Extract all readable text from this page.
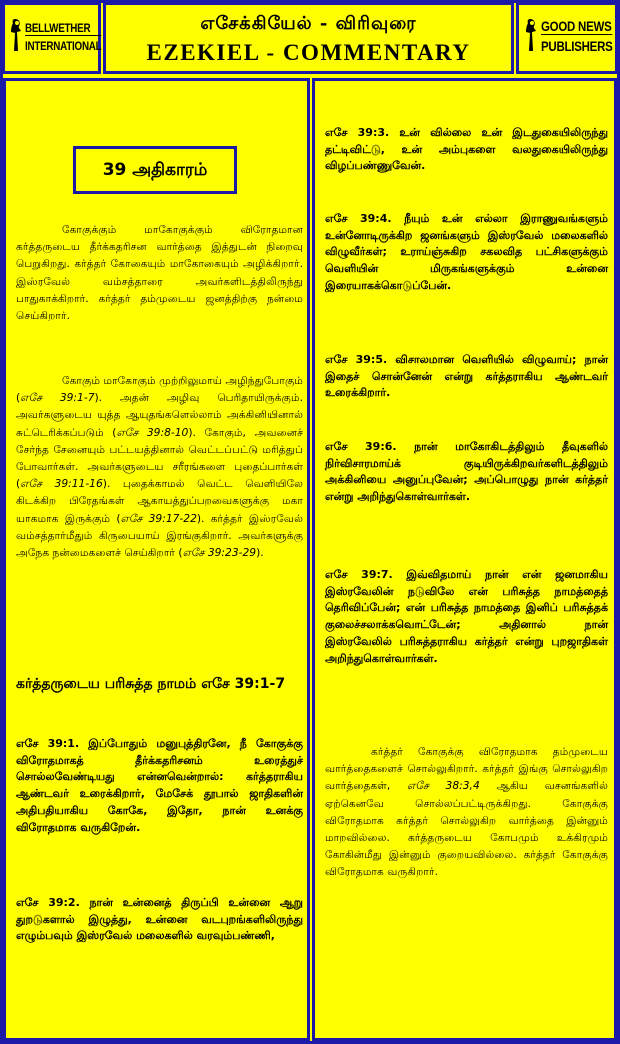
BELLWETHER
INTERNATIONAL
எசேக்கியேல் - விரிவுரை
EZEKIEL - COMMENTARY
GOOD NEWS
PUBLISHERS
39 அதிகாரம்
கோகுக்கும் மாகோகுக்கும் விரோதமான கர்த்தருடைய தீர்க்கதரிசன வார்த்தை இத்துடன் நிறைவு பெறுகிறது. கர்த்தர் கோகையும் மாகோகையும் அழிக்கிறார். இஸ்ரவேல் வம்சத்தாரை அவர்களிடத்திலிருந்து பாதுகாக்கிறார். கர்த்தர் தம்முடைய ஜனத்திற்கு நன்மை செய்கிறார்.
கோகும் மாகோகும் முற்றிலுமாய் அழிந்துபோகும் (எசே 39:1-7). அதன் அழிவு பெரிதாயிருக்கும். அவர்களுடைய யுத்த ஆயுதங்களெல்லாம் அக்கினியினால் சுட்டெரிக்கப்படும் (எசே 39:8-10). கோகும், அவனைச் சேர்ந்த சேனையும் பட்டயத்தினால் வெட்டப்பட்டு மரித்துப் போவார்கள். அவர்களுடைய சரீரங்களை புதைப்பார்கள் (எசே 39:11-16). புதைக்காமல் வெட்ட வெளியிலே கிடக்கிற பிரேதங்கள் ஆகாயத்துப்பறவைகளுக்கு மகா யாகமாக இருக்கும் (எசே 39:17-22). கர்த்தர் இஸ்ரவேல் வம்சத்தார்மீதும் கிருபையாய் இரங்குகிறார். அவர்களுக்கு அநேக நன்மைகளைச் செய்கிறார் (எசே 39:23-29).
கர்த்தருடைய பரிசுத்த நாமம் எசே 39:1-7
எசே 39:1. இப்போதும் மனுபுத்திரனே, நீ கோகுக்கு விரோதமாகத் தீர்க்கதரிசனம் உரைத்துச் சொல்லவேண்டியது என்னவென்றால்: கர்த்தராகிய ஆண்டவர் உரைக்கிறார், மேசேக் தூபால் ஜாதிகளின் அதிபதியாகிய கோகே, இதோ, நான் உனக்கு விரோதமாக வருகிறேன்.
எசே 39:2. நான் உன்னைத் திருப்பி உன்னை ஆறு துறடுகளால் இழுத்து, உன்னை வடபுறங்களிலிருந்து எழும்பவும் இஸ்ரவேல் மலைகளில் வரவும்பண்ணி,
எசே 39:3. உன் வில்லை உன் இடதுகையிலிருந்து தட்டிவிட்டு, உன் அம்புகளை வலதுகையிலிருந்து விழப்பண்ணுவேன்.
எசே 39:4. நீயும் உன் எல்லா இராணுவங்களும் உன்னோடிருக்கிற ஜனங்களும் இஸ்ரவேல் மலைகளில் விழுவீர்கள்; உராய்ஞ்சுகிற சகலவித பட்சிகளுக்கும் வெளியின் மிருகங்களுக்கும் உன்னை இரையாகக்கொடுப்பேன்.
எசே 39:5. விசாலமான வெளியில் விழுவாய்; நான் இதைச் சொன்னேன் என்று கர்த்தராகிய ஆண்டவர் உரைக்கிறார்.
எசே 39:6. நான் மாகோகிடத்திலும் தீவுகளில் நிர்விசாரமாய்க் குடியிருக்கிறவர்களிடத்திலும் அக்கினியை அனுப்புவேன்; அப்பொழுது நான் கர்த்தர் என்று அறிந்துகொள்வார்கள்.
எசே 39:7. இவ்விதமாய் நான் என் ஜனமாகிய இஸ்ரவேலின் நடுவிலே என் பரிசுத்த நாமத்தைத் தெரிவிப்பேன்; என் பரிசுத்த நாமத்தை இனிப் பரிசுத்தக் குலைச்சலாக்கவொட்டேன்; அதினால் நான் இஸ்ரவேலில் பரிசுத்தராகிய கர்த்தர் என்று புறஜாதிகள் அறிந்துகொள்வார்கள்.
கர்த்தர் கோகுக்கு விரோதமாக தம்முடைய வார்த்தைகளைச் சொல்லுகிறார். கர்த்தர் இங்கு சொல்லுகிற வார்த்தைகள், எசே 38:3,4 ஆகிய வசனங்களில் ஏற்கெனவே சொல்லப்பட்டிருக்கிறது. கோகுக்கு விரோதமாக கர்த்தர் சொல்லுகிற வார்த்தை இன்னும் மாறவில்லை. கர்த்தருடைய கோபமும் உக்கிரமும் கோகின்மீது இன்னும் குறையவில்லை. கர்த்தர் கோகுக்கு விரோதமாக வருகிறார்.
